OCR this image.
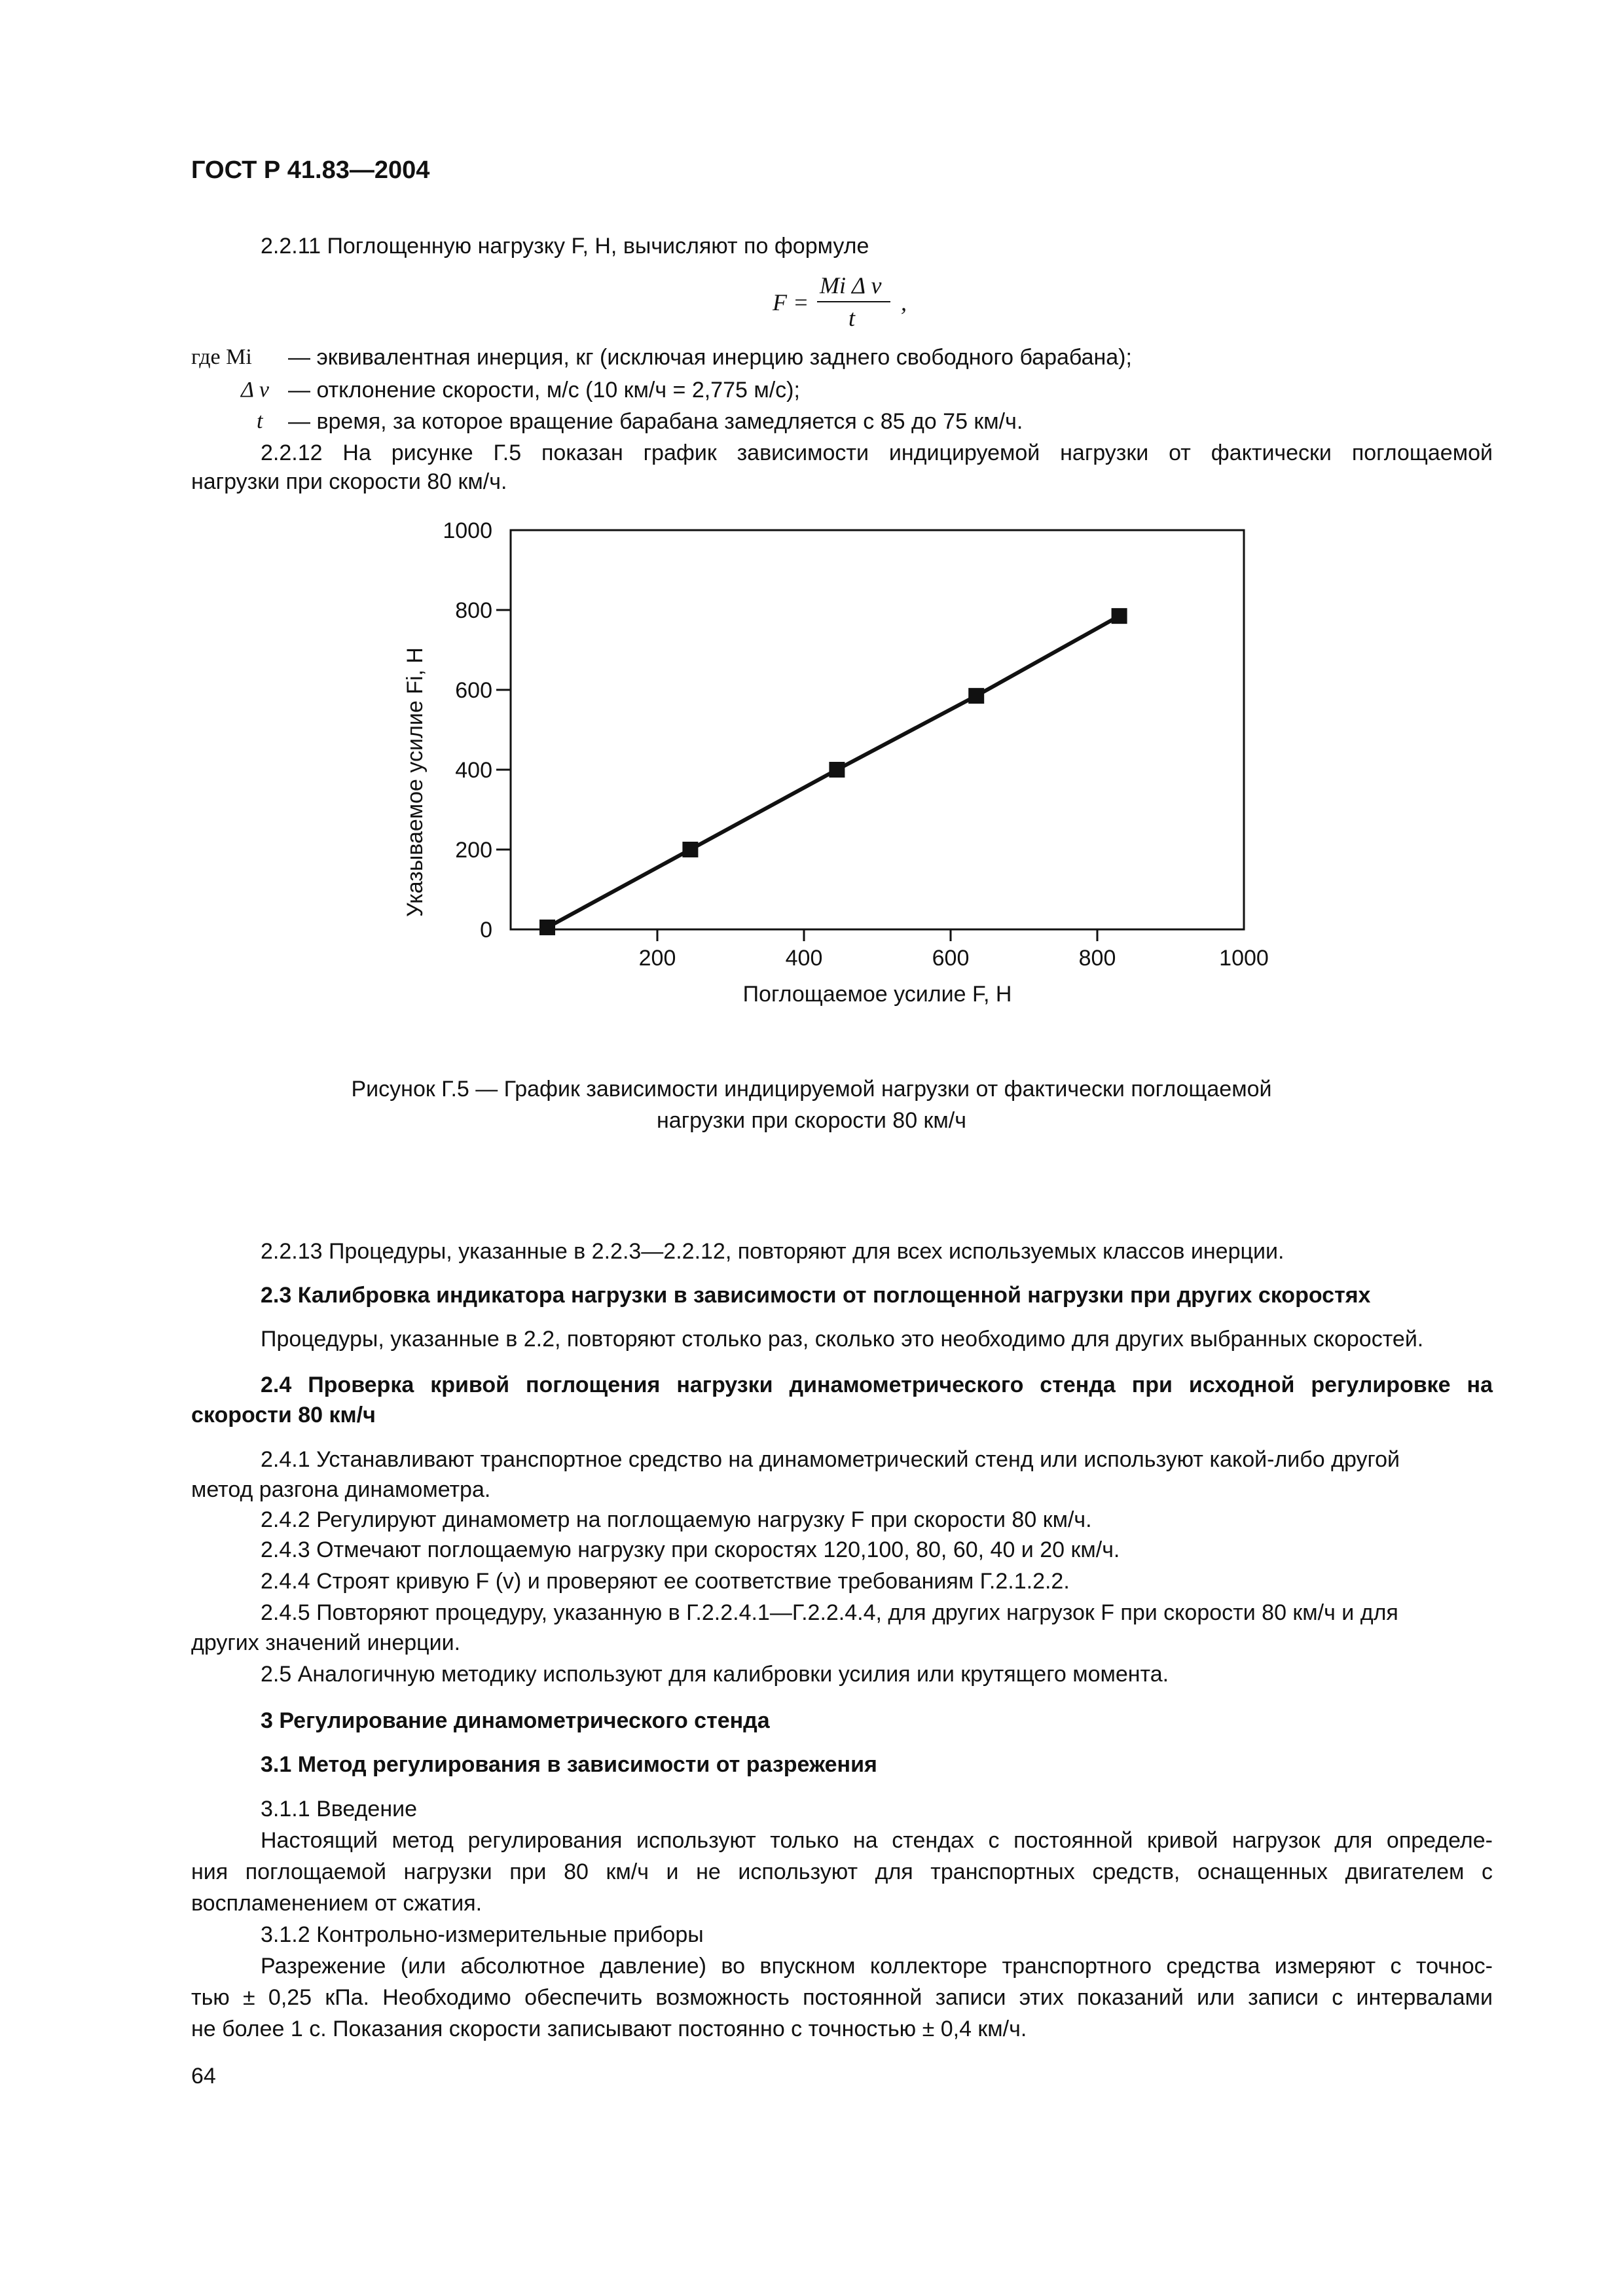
ГОСТ Р 41.83—2004
2.2.11 Поглощенную нагрузку F, Н, вычисляют по формуле
F =
Mi Δ v
t
,
где Mi — эквивалентная инерция, кг (исключая инерцию заднего свободного барабана);
Δ v — отклонение скорости, м/с (10 км/ч = 2,775 м/с);
t — время, за которое вращение барабана замедляется с 85 до 75 км/ч.
2.2.12 На рисунке Г.5 показан график зависимости индицируемой нагрузки от фактически поглощаемой
нагрузки при скорости 80 км/ч.
0
200
400
600
800
1000
200	400	600	800	1000
Поглощаемое усилие F, Н
Указываемое усилие Fi, Н
Рисунок Г.5 — График зависимости индицируемой нагрузки от фактически поглощаемой
нагрузки при скорости 80 км/ч
2.2.13 Процедуры, указанные в 2.2.3—2.2.12, повторяют для всех используемых классов инерции.
2.3 Калибровка индикатора нагрузки в зависимости от поглощенной нагрузки при других скоростях
Процедуры, указанные в 2.2, повторяют столько раз, сколько это необходимо для других выбранных скоростей.
2.4 Проверка кривой поглощения нагрузки динамометрического стенда при исходной регулировке на
скорости 80 км/ч
2.4.1 Устанавливают транспортное средство на динамометрический стенд или используют какой-либо другой
метод разгона динамометра.
2.4.2 Регулируют динамометр на поглощаемую нагрузку F при скорости 80 км/ч.
2.4.3 Отмечают поглощаемую нагрузку при скоростях 120,100, 80, 60, 40 и 20 км/ч.
2.4.4 Строят кривую F (v) и проверяют ее соответствие требованиям Г.2.1.2.2.
2.4.5 Повторяют процедуру, указанную в Г.2.2.4.1—Г.2.2.4.4, для других нагрузок F при скорости 80 км/ч и для
других значений инерции.
2.5 Аналогичную методику используют для калибровки усилия или крутящего момента.
3 Регулирование динамометрического стенда
3.1 Метод регулирования в зависимости от разрежения
3.1.1 Введение
Настоящий метод регулирования используют только на стендах с постоянной кривой нагрузок для определе-
ния поглощаемой нагрузки при 80 км/ч и не используют для транспортных средств, оснащенных двигателем с
воспламенением от сжатия.
3.1.2 Контрольно-измерительные приборы
Разрежение (или абсолютное давление) во впускном коллекторе транспортного средства измеряют с точнос-
тью ± 0,25 кПа. Необходимо обеспечить возможность постоянной записи этих показаний или записи с интервалами
не более 1 с. Показания скорости записывают постоянно с точностью ± 0,4 км/ч.
64
